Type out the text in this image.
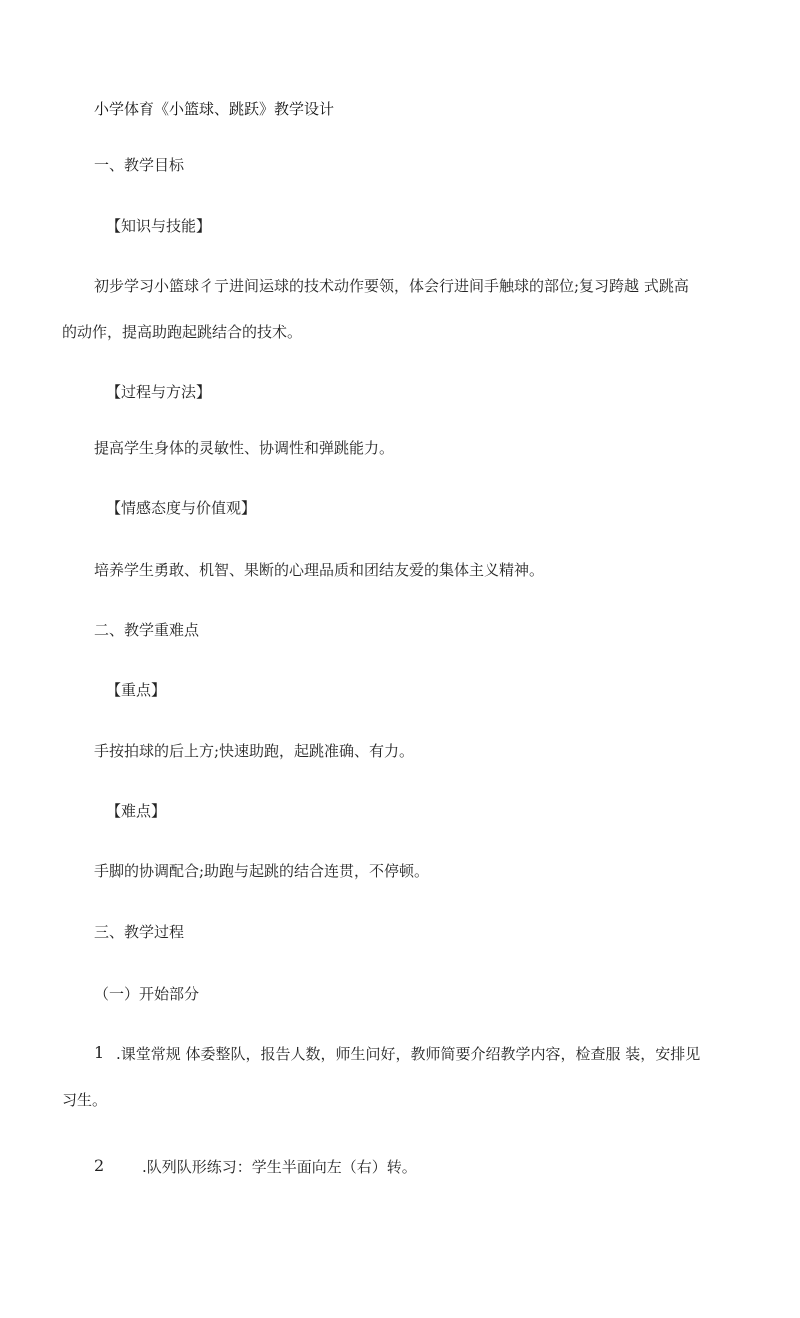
小学体育《小篮球、跳跃》教学设计
一、教学目标
【知识与技能】
初步学习小篮球彳亍进间运球的技术动作要领，体会行进间手触球的部位;复习跨越 式跳高
的动作，提高助跑起跳结合的技术。
【过程与方法】
提高学生身体的灵敏性、协调性和弹跳能力。
【情感态度与价值观】
培养学生勇敢、机智、果断的心理品质和团结友爱的集体主义精神。
二、教学重难点
【重点】
手按拍球的后上方;快速助跑，起跳准确、有力。
【难点】
手脚的协调配合;助跑与起跳的结合连贯，不停顿。
三、教学过程
（一）开始部分
1 .课堂常规 体委整队，报告人数，师生问好，教师简要介绍教学内容，检查服 装，安排见
习生。
2	.队列队形练习：学生半面向左（右）转。
